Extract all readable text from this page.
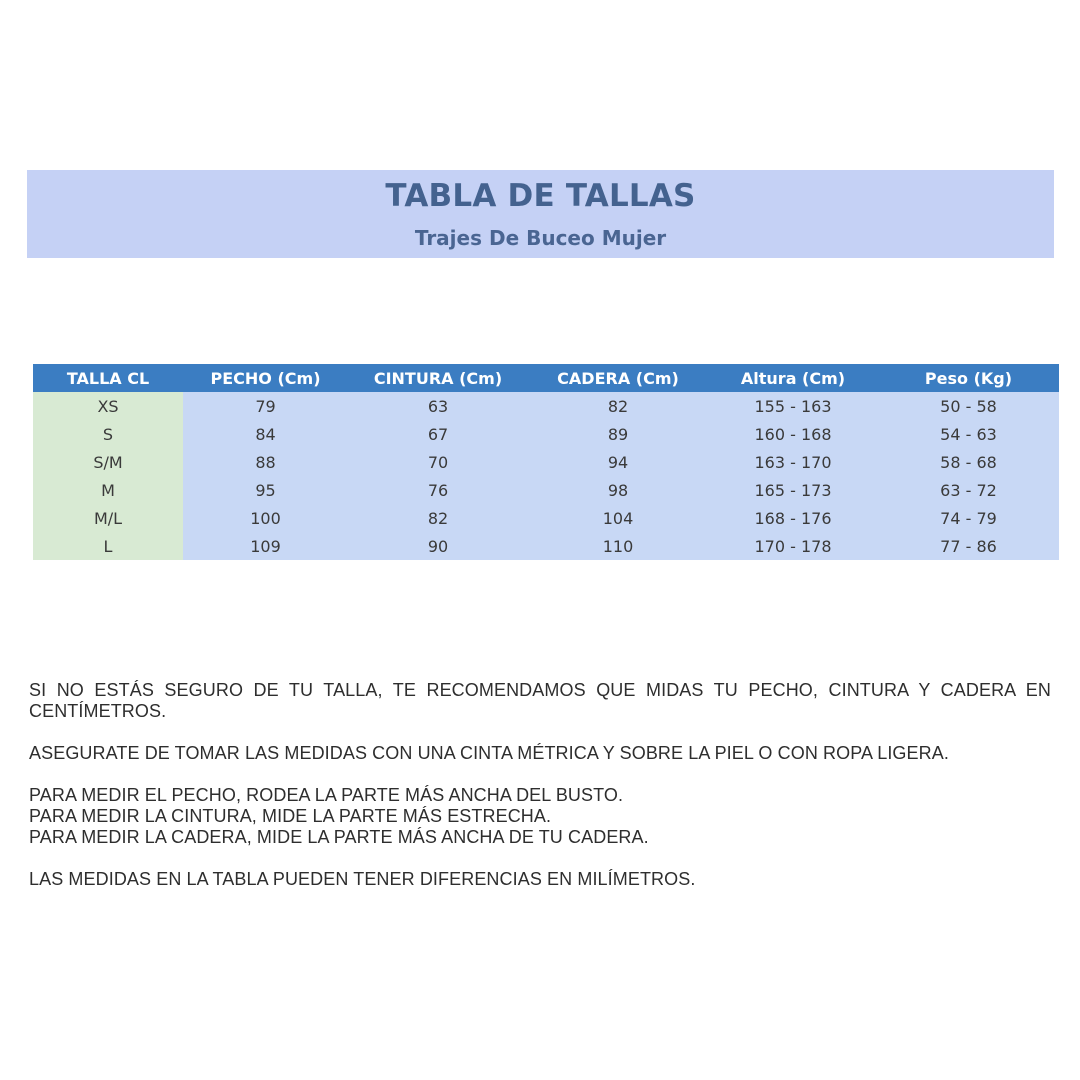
TABLA DE TALLAS
Trajes De Buceo Mujer
TALLA CL	PECHO (Cm)	CINTURA (Cm)	CADERA (Cm)	Altura (Cm)	Peso (Kg)
XS	79	63	82	155 - 163	50 - 58
S	84	67	89	160 - 168	54 - 63
S/M	88	70	94	163 - 170	58 - 68
M	95	76	98	165 - 173	63 - 72
M/L	100	82	104	168 - 176	74 - 79
L	109	90	110	170 - 178	77 - 86

SI NO ESTÁS SEGURO DE TU TALLA, TE RECOMENDAMOS QUE MIDAS TU PECHO, CINTURA Y CADERA EN CENTÍMETROS.

ASEGURATE DE TOMAR LAS MEDIDAS CON UNA CINTA MÉTRICA Y SOBRE LA PIEL O CON ROPA LIGERA.

PARA MEDIR EL PECHO, RODEA LA PARTE MÁS ANCHA DEL BUSTO.
PARA MEDIR LA CINTURA, MIDE LA PARTE MÁS ESTRECHA.
PARA MEDIR LA CADERA, MIDE LA PARTE MÁS ANCHA DE TU CADERA.

LAS MEDIDAS EN LA TABLA PUEDEN TENER DIFERENCIAS EN MILÍMETROS.
